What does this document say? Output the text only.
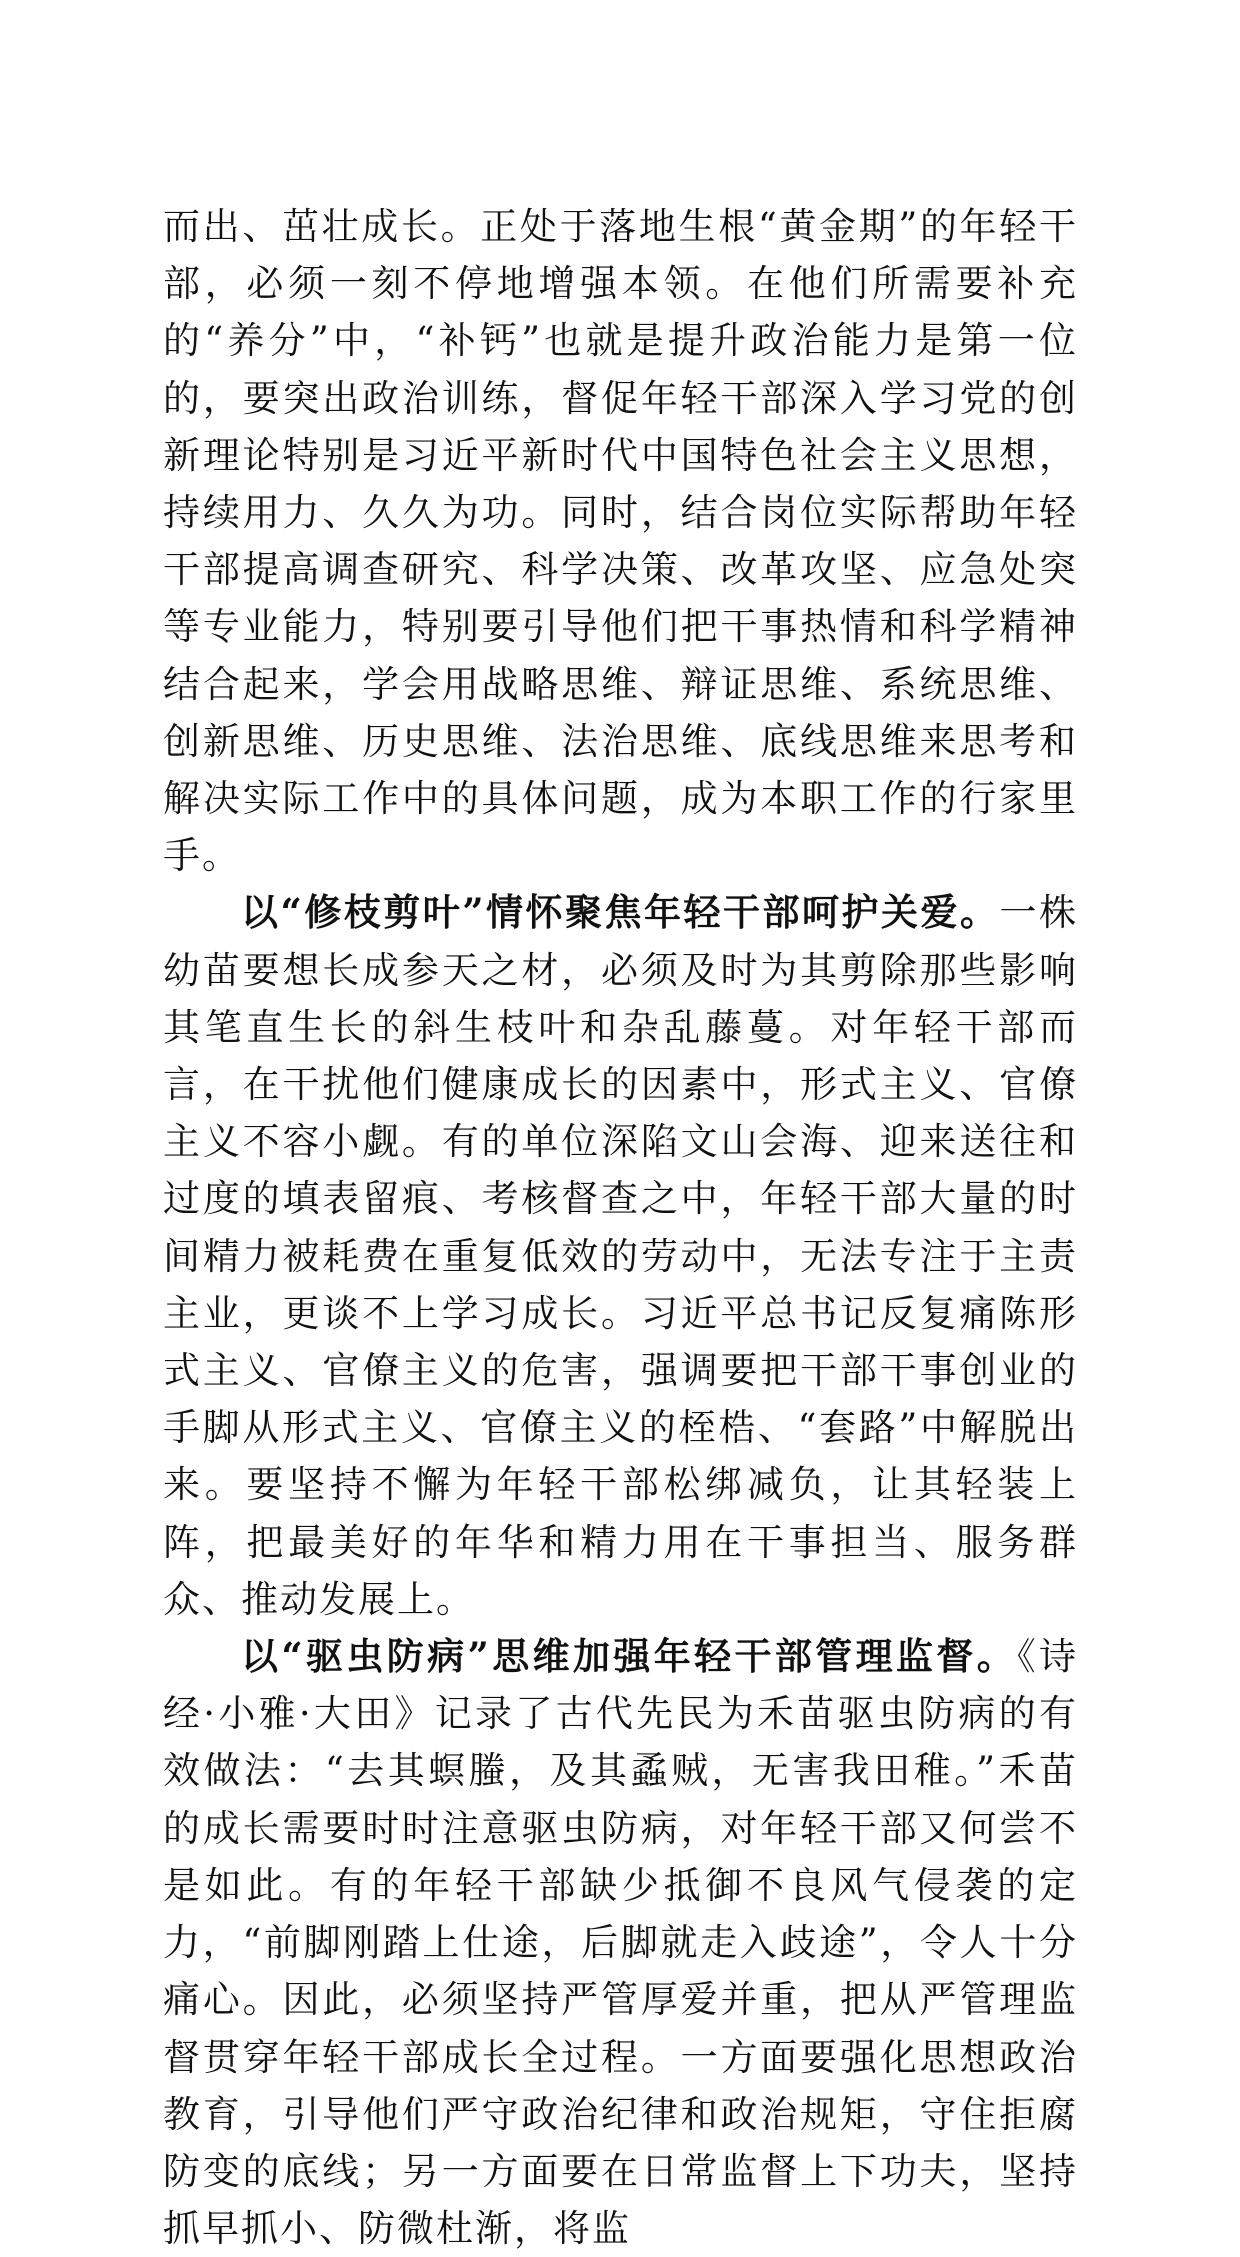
而出、茁壮成长。正处于落地生根“黄金期”的年轻干部，必须一刻不停地增强本领。在他们所需要补充的“养分”中，“补钙”也就是提升政治能力是第一位的，要突出政治训练，督促年轻干部深入学习党的创新理论特别是习近平新时代中国特色社会主义思想，持续用力、久久为功。同时，结合岗位实际帮助年轻干部提高调查研究、科学决策、改革攻坚、应急处突等专业能力，特别要引导他们把干事热情和科学精神结合起来，学会用战略思维、辩证思维、系统思维、创新思维、历史思维、法治思维、底线思维来思考和解决实际工作中的具体问题，成为本职工作的行家里手。

以“修枝剪叶”情怀聚焦年轻干部呵护关爱。一株幼苗要想长成参天之材，必须及时为其剪除那些影响其笔直生长的斜生枝叶和杂乱藤蔓。对年轻干部而言，在干扰他们健康成长的因素中，形式主义、官僚主义不容小觑。有的单位深陷文山会海、迎来送往和过度的填表留痕、考核督查之中，年轻干部大量的时间精力被耗费在重复低效的劳动中，无法专注于主责主业，更谈不上学习成长。习近平总书记反复痛陈形式主义、官僚主义的危害，强调要把干部干事创业的手脚从形式主义、官僚主义的桎梏、“套路”中解脱出来。要坚持不懈为年轻干部松绑减负，让其轻装上阵，把最美好的年华和精力用在干事担当、服务群众、推动发展上。

以“驱虫防病”思维加强年轻干部管理监督。《诗经·小雅·大田》记录了古代先民为禾苗驱虫防病的有效做法：“去其螟螣，及其蟊贼，无害我田稚。”禾苗的成长需要时时注意驱虫防病，对年轻干部又何尝不是如此。有的年轻干部缺少抵御不良风气侵袭的定力，“前脚刚踏上仕途，后脚就走入歧途”，令人十分痛心。因此，必须坚持严管厚爱并重，把从严管理监督贯穿年轻干部成长全过程。一方面要强化思想政治教育，引导他们严守政治纪律和政治规矩，守住拒腐防变的底线；另一方面要在日常监督上下功夫，坚持抓早抓小、防微杜渐，将监
